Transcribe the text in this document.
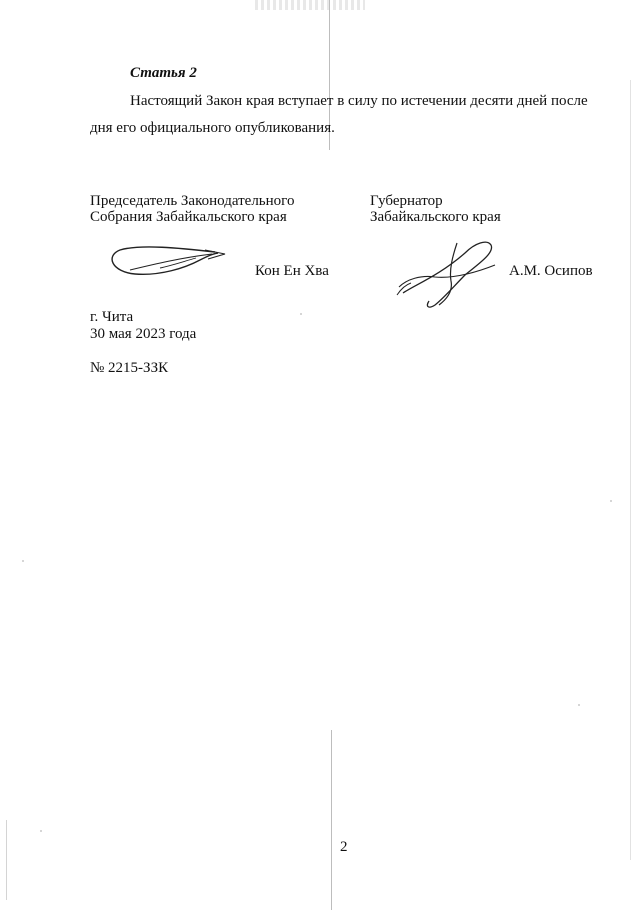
Статья 2
Настоящий Закон края вступает в силу по истечении десяти дней после
дня его официального опубликования.
Председатель Законодательного
Собрания Забайкальского края
Кон Ен Хва
Губернатор
Забайкальского края
А.М. Осипов
г. Чита
30 мая 2023 года
№ 2215-ЗЗК
2
